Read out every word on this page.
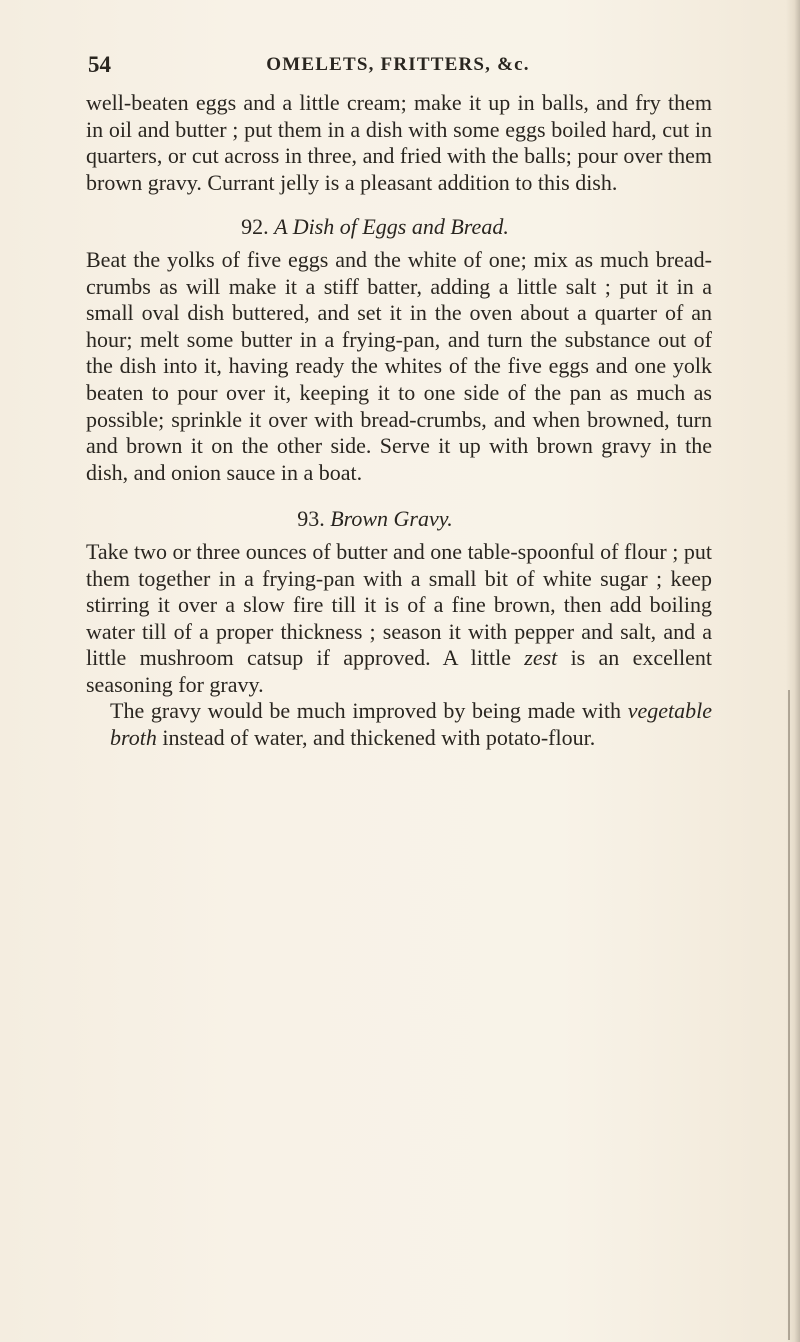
54	OMELETS, FRITTERS, &c.

well-beaten eggs and a little cream; make it up in balls, and fry them in oil and butter ; put them in a dish with some eggs boiled hard, cut in quarters, or cut across in three, and fried with the balls; pour over them brown gravy. Currant jelly is a pleasant addition to this dish.

92. A Dish of Eggs and Bread.

Beat the yolks of five eggs and the white of one; mix as much bread-crumbs as will make it a stiff batter, adding a little salt ; put it in a small oval dish buttered, and set it in the oven about a quarter of an hour; melt some butter in a frying-pan, and turn the substance out of the dish into it, having ready the whites of the five eggs and one yolk beaten to pour over it, keeping it to one side of the pan as much as possible; sprinkle it over with bread-crumbs, and when browned, turn and brown it on the other side. Serve it up with brown gravy in the dish, and onion sauce in a boat.

93. Brown Gravy.

Take two or three ounces of butter and one table-spoonful of flour ; put them together in a frying-pan with a small bit of white sugar ; keep stirring it over a slow fire till it is of a fine brown, then add boiling water till of a proper thickness ; season it with pepper and salt, and a little mushroom catsup if approved. A little zest is an excellent seasoning for gravy.

The gravy would be much improved by being made with vegetable broth instead of water, and thickened with potato-flour.
